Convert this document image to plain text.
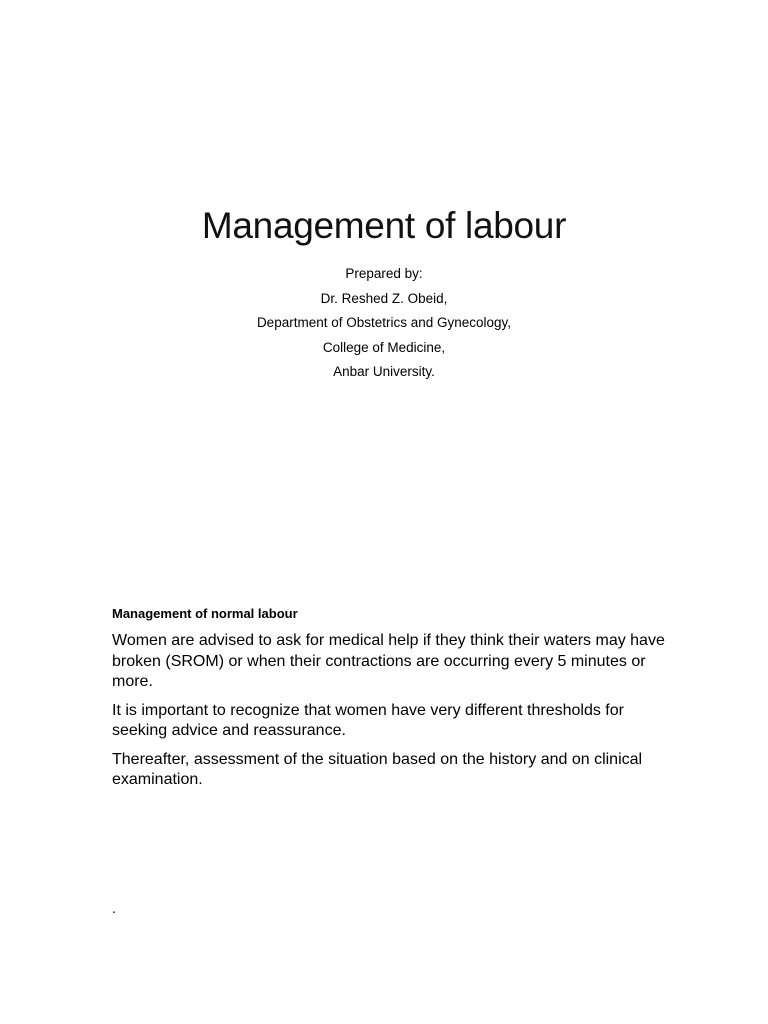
Management of labour
Prepared by:
Dr. Reshed Z. Obeid,
Department of Obstetrics and Gynecology,
College of Medicine,
Anbar University.
Management of normal labour

Women are advised to ask for medical help if they think their waters may have broken (SROM) or when their contractions are occurring every 5 minutes or more.

It is important to recognize that women have very different thresholds for seeking advice and reassurance.

Thereafter, assessment of the situation based on the history and on clinical examination.

.
